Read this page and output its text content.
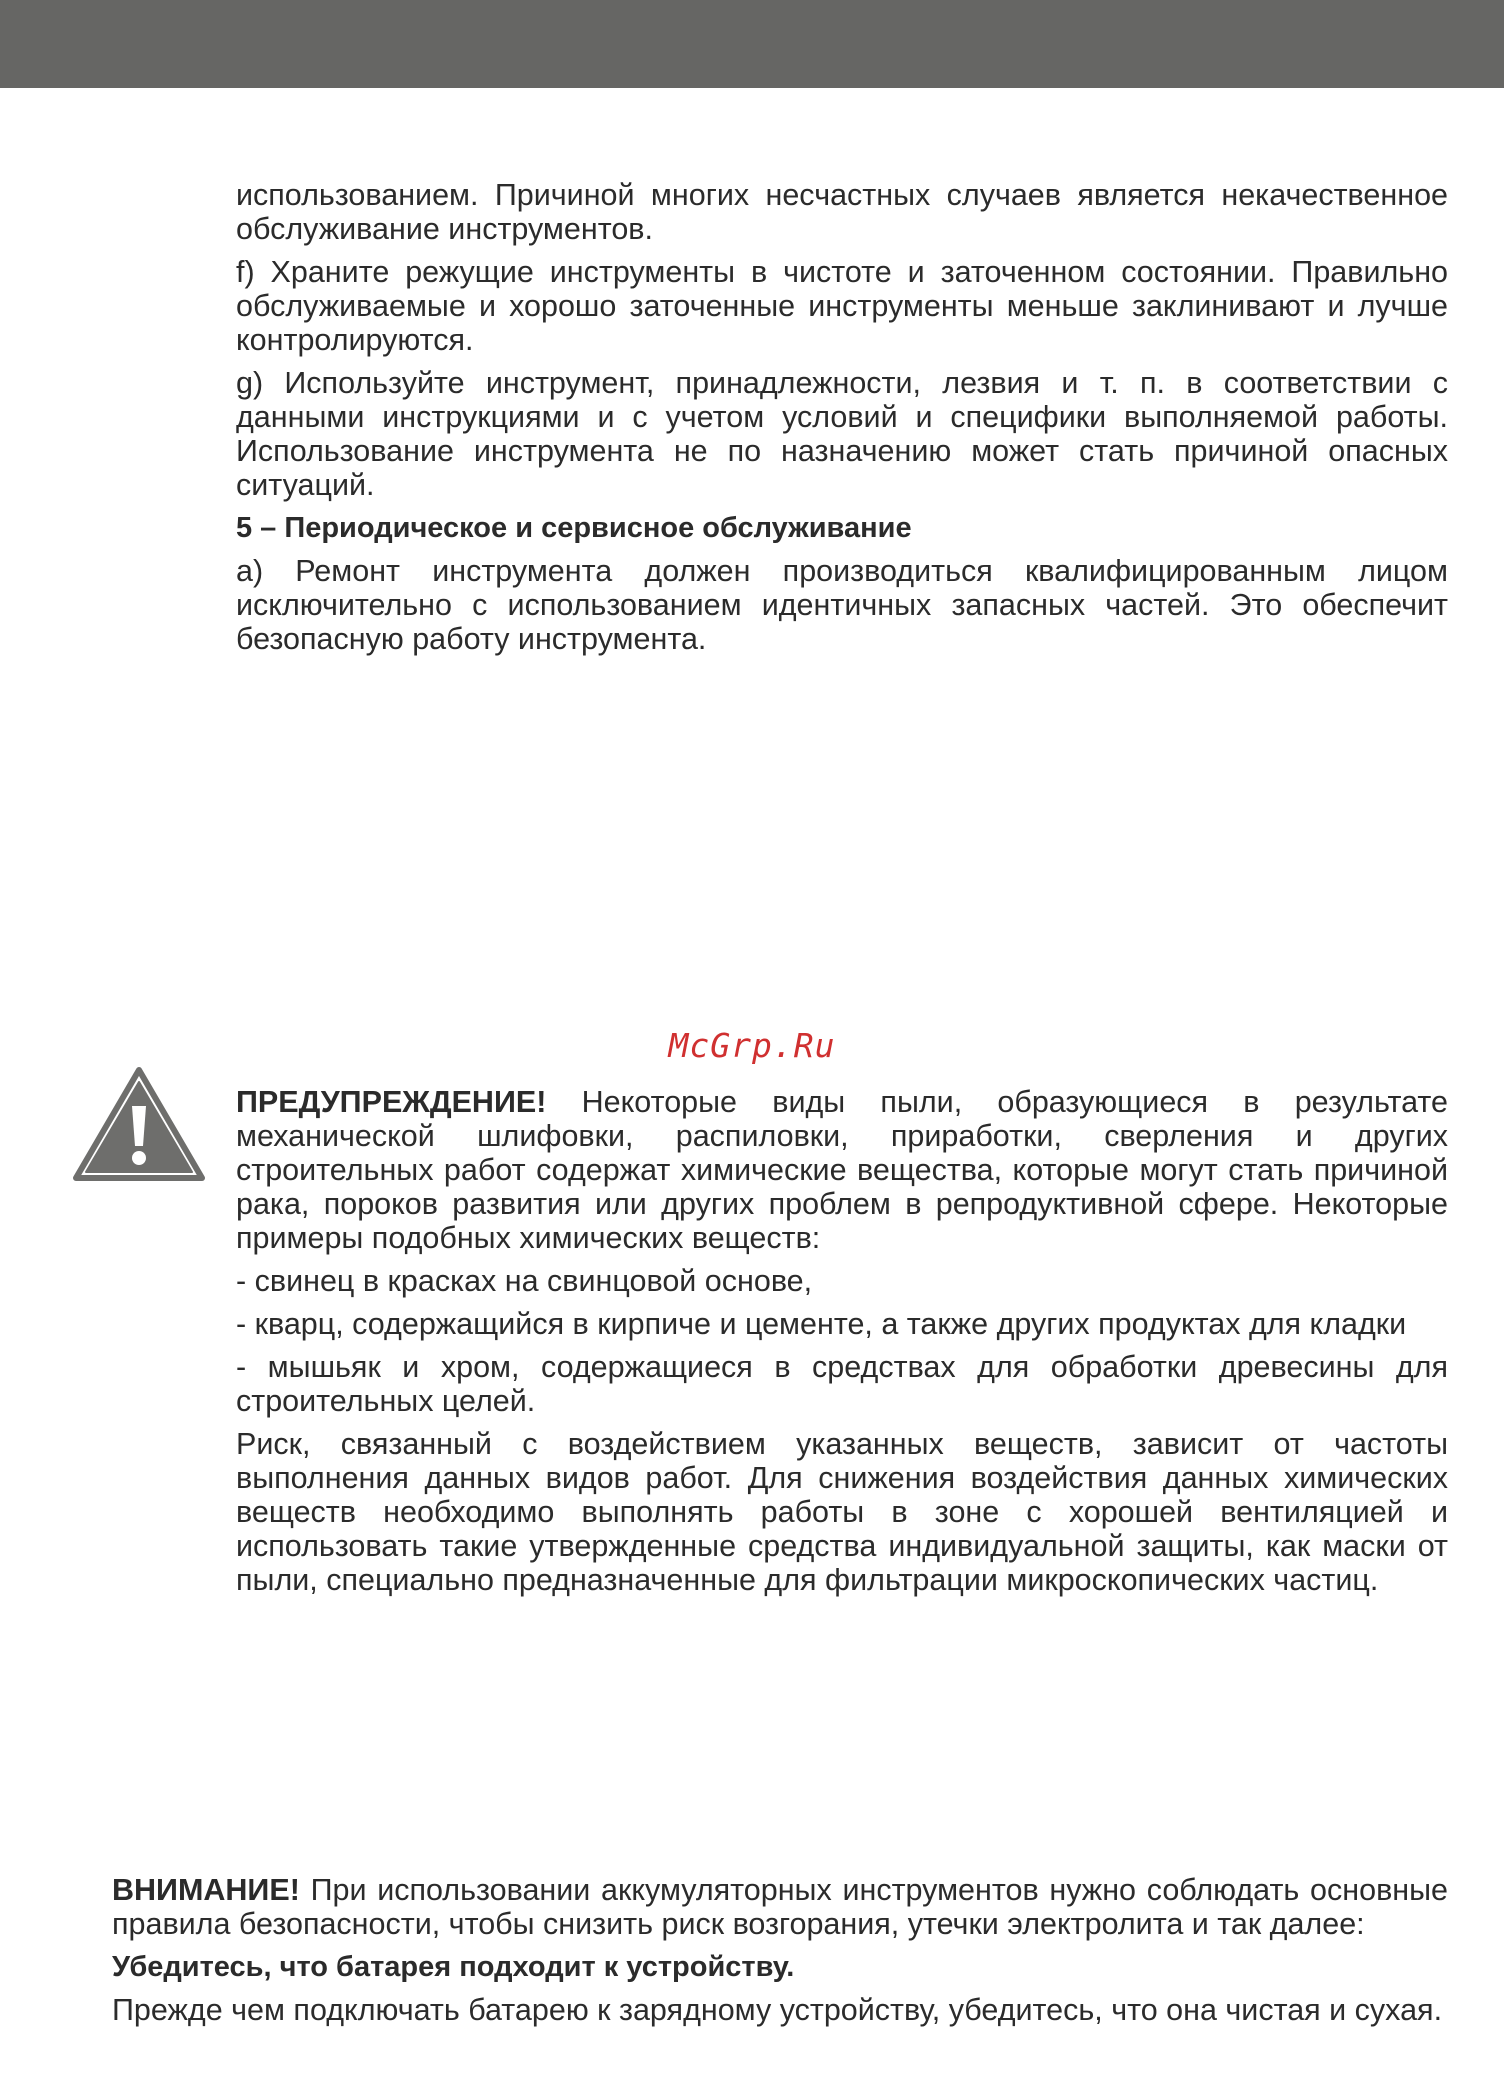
использованием. Причиной многих несчастных случаев является некачественное обслуживание инструментов.

f) Храните режущие инструменты в чистоте и заточенном состоянии. Правильно обслуживаемые и хорошо заточенные инструменты меньше заклинивают и лучше контролируются.

g) Используйте инструмент, принадлежности, лезвия и т. п. в соответствии с данными инструкциями и с учетом условий и специфики выполняемой работы. Использование инструмента не по назначению может стать причиной опасных ситуаций.

5 – Периодическое и сервисное обслуживание

a) Ремонт инструмента должен производиться квалифицированным лицом исключительно с использованием идентичных запасных частей. Это обеспечит безопасную работу инструмента.

McGrp.Ru

ПРЕДУПРЕЖДЕНИЕ! Некоторые виды пыли, образующиеся в результате механической шлифовки, распиловки, приработки, сверления и других строительных работ содержат химические вещества, которые могут стать причиной рака, пороков развития или других проблем в репродуктивной сфере. Некоторые примеры подобных химических веществ:

- свинец в красках на свинцовой основе,

- кварц, содержащийся в кирпиче и цементе, а также других продуктах для кладки

- мышьяк и хром, содержащиеся в средствах для обработки древесины для строительных целей.

Риск, связанный с воздействием указанных веществ, зависит от частоты выполнения данных видов работ. Для снижения воздействия данных химических веществ необходимо выполнять работы в зоне с хорошей вентиляцией и использовать такие утвержденные средства индивидуальной защиты, как маски от пыли, специально предназначенные для фильтрации микроскопических частиц.

ВНИМАНИЕ! При использовании аккумуляторных инструментов нужно соблюдать основные правила безопасности, чтобы снизить риск возгорания, утечки электролита и так далее:

Убедитесь, что батарея подходит к устройству.

Прежде чем подключать батарею к зарядному устройству, убедитесь, что она чистая и сухая.
